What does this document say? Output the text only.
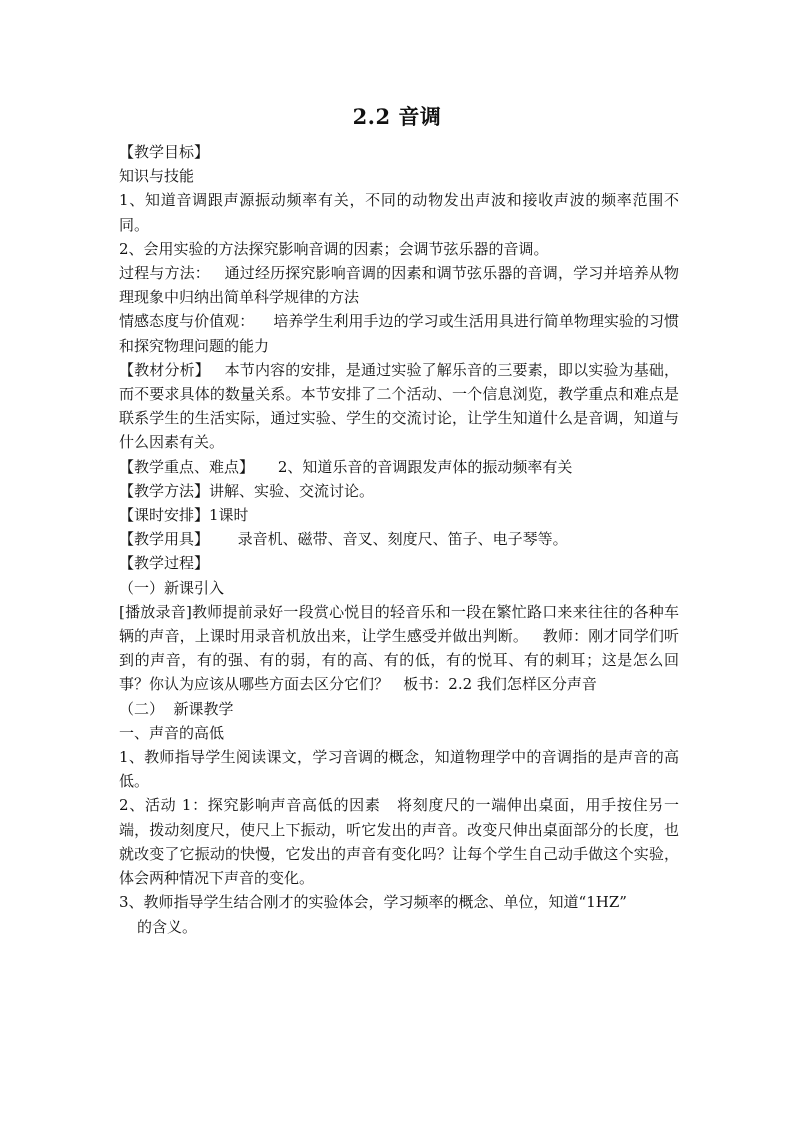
2.2 音调

【教学目标】

知识与技能

1、知道音调跟声源振动频率有关，不同的动物发出声波和接收声波的频率范围不同。

2、会用实验的方法探究影响音调的因素；会调节弦乐器的音调。

过程与方法：   通过经历探究影响音调的因素和调节弦乐器的音调，学习并培养从物理现象中归纳出简单科学规律的方法

情感态度与价值观：    培养学生利用手边的学习或生活用具进行简单物理实验的习惯和探究物理问题的能力

【教材分析】   本节内容的安排，是通过实验了解乐音的三要素，即以实验为基础，而不要求具体的数量关系。本节安排了二个活动、一个信息浏览，教学重点和难点是联系学生的生活实际，通过实验、学生的交流讨论，让学生知道什么是音调，知道与什么因素有关。

【教学重点、难点】     2、知道乐音的音调跟发声体的振动频率有关

【教学方法】讲解、实验、交流讨论。

【课时安排】1课时

【教学用具】      录音机、磁带、音叉、刻度尺、笛子、电子琴等。

【教学过程】

（一）新课引入

[播放录音]教师提前录好一段赏心悦目的轻音乐和一段在繁忙路口来来往往的各种车辆的声音，上课时用录音机放出来，让学生感受并做出判断。   教师：刚才同学们听到的声音，有的强、有的弱，有的高、有的低，有的悦耳、有的刺耳；这是怎么回事？你认为应该从哪些方面去区分它们？   板书：2.2 我们怎样区分声音

（二）  新课教学

一、声音的高低

1、教师指导学生阅读课文，学习音调的概念，知道物理学中的音调指的是声音的高低。

2、活动 1：探究影响声音高低的因素   将刻度尺的一端伸出桌面，用手按住另一端，拨动刻度尺，使尺上下振动，听它发出的声音。改变尺伸出桌面部分的长度，也就改变了它振动的快慢，它发出的声音有变化吗？让每个学生自己动手做这个实验，体会两种情况下声音的变化。

3、教师指导学生结合刚才的实验体会，学习频率的概念、单位，知道“1HZ”

的含义。
